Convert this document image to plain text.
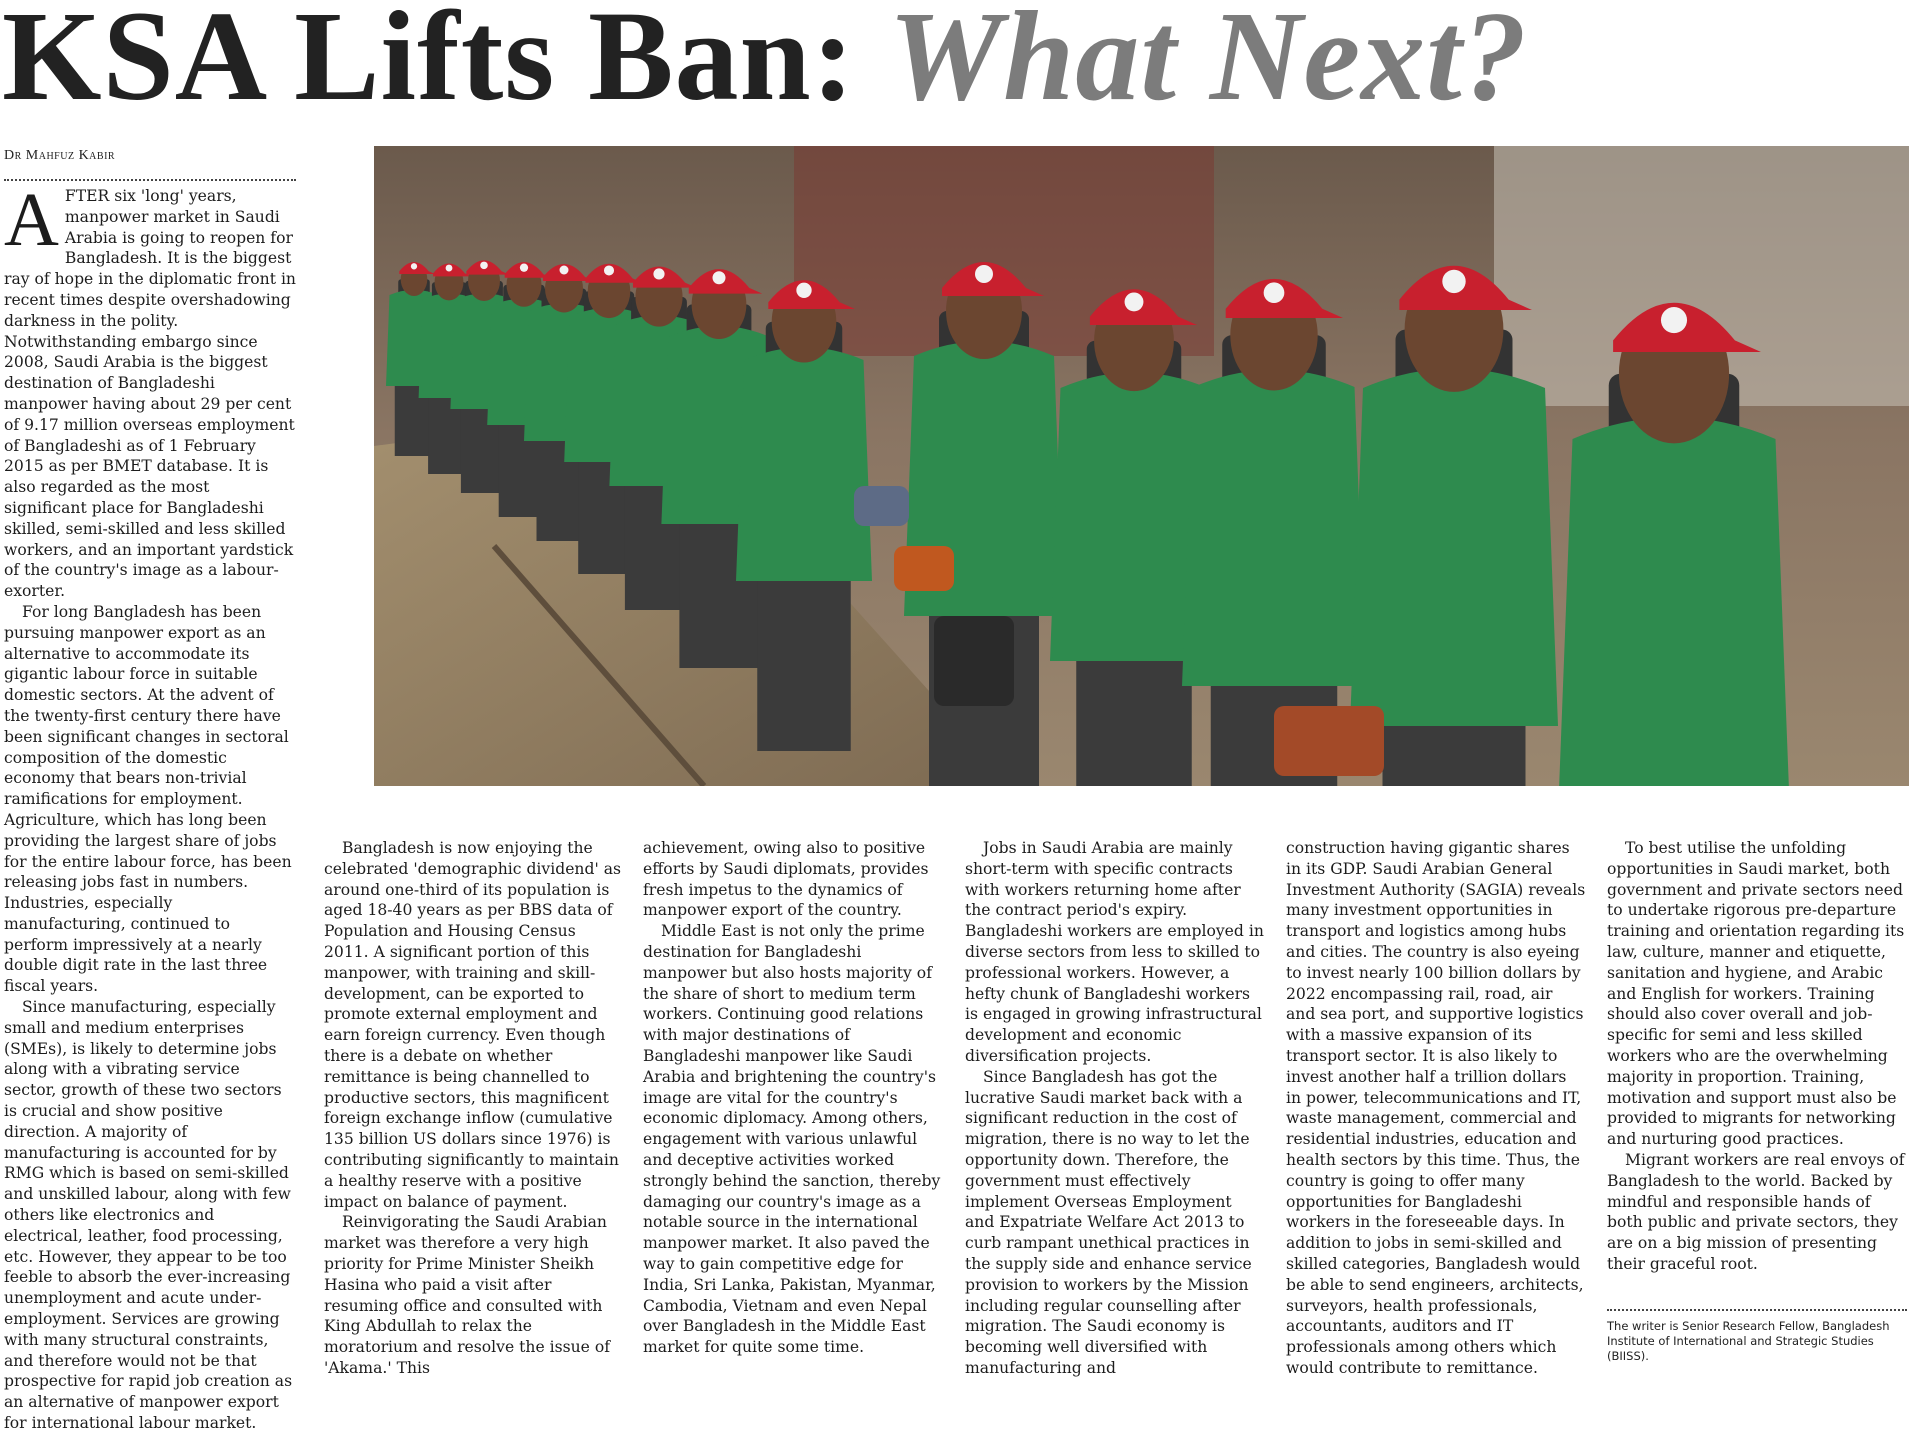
KSA Lifts Ban: What Next?
Dr Mahfuz Kabir

AFTER six 'long' years, manpower market in Saudi Arabia is going to reopen for Bangladesh. It is the biggest ray of hope in the diplomatic front in recent times despite overshadowing darkness in the polity. Notwithstanding embargo since 2008, Saudi Arabia is the biggest destination of Bangladeshi manpower having about 29 per cent of 9.17 million overseas employment of Bangladeshi as of 1 February 2015 as per BMET database. It is also regarded as the most significant place for Bangladeshi skilled, semi-skilled and less skilled workers, and an important yardstick of the country's image as a labour- exorter.

For long Bangladesh has been pursuing manpower export as an alternative to accommodate its gigantic labour force in suitable domestic sectors. At the advent of the twenty-first century there have been significant changes in sectoral composition of the domestic economy that bears non-trivial ramifications for employment. Agriculture, which has long been providing the largest share of jobs for the entire labour force, has been releasing jobs fast in numbers. Industries, especially manufacturing, continued to perform impressively at a nearly double digit rate in the last three fiscal years.

Since manufacturing, especially small and medium enterprises (SMEs), is likely to determine jobs along with a vibrating service sector, growth of these two sectors is crucial and show positive direction. A majority of manufacturing is accounted for by RMG which is based on semi-skilled and unskilled labour, along with few others like electronics and electrical, leather, food processing, etc. However, they appear to be too feeble to absorb the ever-increasing unemployment and acute under-employment. Services are growing with many structural constraints, and therefore would not be that prospective for rapid job creation as an alternative of manpower export for international labour market.

Bangladesh is now enjoying the celebrated 'demographic dividend' as around one-third of its population is aged 18-40 years as per BBS data of Population and Housing Census 2011. A significant portion of this manpower, with training and skill-development, can be exported to promote external employment and earn foreign currency. Even though there is a debate on whether remittance is being channelled to productive sectors, this magnificent foreign exchange inflow (cumulative 135 billion US dollars since 1976) is contributing significantly to maintain a healthy reserve with a positive impact on balance of payment.

Reinvigorating the Saudi Arabian market was therefore a very high priority for Prime Minister Sheikh Hasina who paid a visit after resuming office and consulted with King Abdullah to relax the moratorium and resolve the issue of 'Akama.' This

achievement, owing also to positive efforts by Saudi diplomats, provides fresh impetus to the dynamics of manpower export of the country.

Middle East is not only the prime destination for Bangladeshi manpower but also hosts majority of the share of short to medium term workers. Continuing good relations with major destinations of Bangladeshi manpower like Saudi Arabia and brightening the country's image are vital for the country's economic diplomacy. Among others, engagement with various unlawful and deceptive activities worked strongly behind the sanction, thereby damaging our country's image as a notable source in the international manpower market. It also paved the way to gain competitive edge for India, Sri Lanka, Pakistan, Myanmar, Cambodia, Vietnam and even Nepal over Bangladesh in the Middle East market for quite some time.

Jobs in Saudi Arabia are mainly short-term with specific contracts with workers returning home after the contract period's expiry. Bangladeshi workers are employed in diverse sectors from less to skilled to professional workers. However, a hefty chunk of Bangladeshi workers is engaged in growing infrastructural development and economic diversification projects.

Since Bangladesh has got the lucrative Saudi market back with a significant reduction in the cost of migration, there is no way to let the opportunity down. Therefore, the government must effectively implement Overseas Employment and Expatriate Welfare Act 2013 to curb rampant unethical practices in the supply side and enhance service provision to workers by the Mission including regular counselling after migration. The Saudi economy is becoming well diversified with manufacturing and

construction having gigantic shares in its GDP. Saudi Arabian General Investment Authority (SAGIA) reveals many investment opportunities in transport and logistics among hubs and cities. The country is also eyeing to invest nearly 100 billion dollars by 2022 encompassing rail, road, air and sea port, and supportive logistics with a massive expansion of its transport sector. It is also likely to invest another half a trillion dollars in power, telecommunications and IT, waste management, commercial and residential industries, education and health sectors by this time. Thus, the country is going to offer many opportunities for Bangladeshi workers in the foreseeable days. In addition to jobs in semi-skilled and skilled categories, Bangladesh would be able to send engineers, architects, surveyors, health professionals, accountants, auditors and IT professionals among others which would contribute to remittance.

To best utilise the unfolding opportunities in Saudi market, both government and private sectors need to undertake rigorous pre-departure training and orientation regarding its law, culture, manner and etiquette, sanitation and hygiene, and Arabic and English for workers. Training should also cover overall and job-specific for semi and less skilled workers who are the overwhelming majority in proportion. Training, motivation and support must also be provided to migrants for networking and nurturing good practices.

Migrant workers are real envoys of Bangladesh to the world. Backed by mindful and responsible hands of both public and private sectors, they are on a big mission of presenting their graceful root.

The writer is Senior Research Fellow, Bangladesh Institute of International and Strategic Studies (BIISS).
